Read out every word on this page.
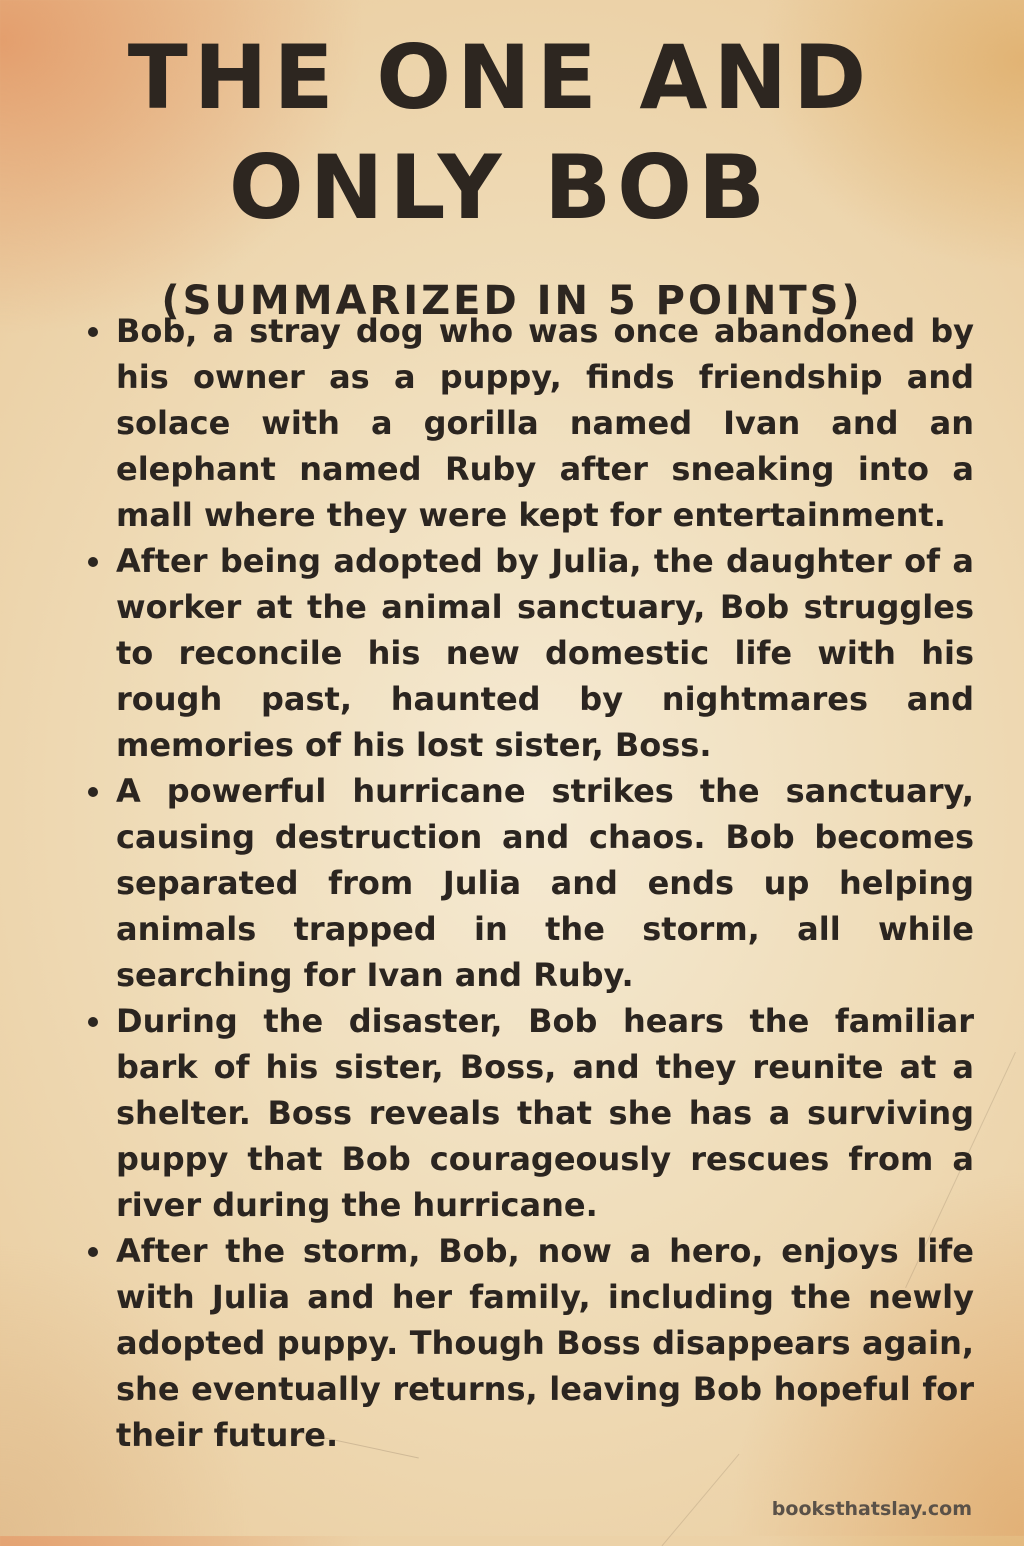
THE ONE AND
ONLY BOB
(SUMMARIZED IN 5 POINTS)
Bob, a stray dog who was once abandoned by his owner as a puppy, finds friendship and solace with a gorilla named Ivan and an elephant named Ruby after sneaking into a mall where they were kept for entertainment.
After being adopted by Julia, the daughter of a worker at the animal sanctuary, Bob struggles to reconcile his new domestic life with his rough past, haunted by nightmares and memories of his lost sister, Boss.
A powerful hurricane strikes the sanctuary, causing destruction and chaos. Bob becomes separated from Julia and ends up helping animals trapped in the storm, all while searching for Ivan and Ruby.
During the disaster, Bob hears the familiar bark of his sister, Boss, and they reunite at a shelter. Boss reveals that she has a surviving puppy that Bob courageously rescues from a river during the hurricane.
After the storm, Bob, now a hero, enjoys life with Julia and her family, including the newly adopted puppy. Though Boss disappears again, she eventually returns, leaving Bob hopeful for their future.
booksthatslay.com
